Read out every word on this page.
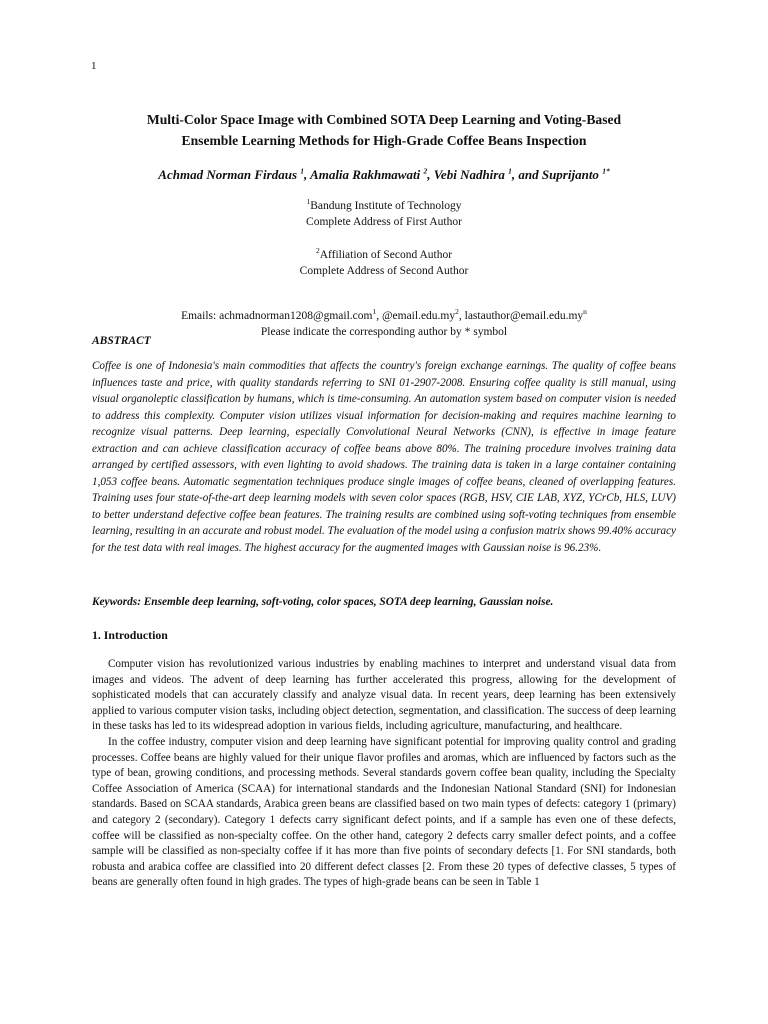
1
Multi-Color Space Image with Combined SOTA Deep Learning and Voting-Based
Ensemble Learning Methods for High-Grade Coffee Beans Inspection
Achmad Norman Firdaus $^1$, Amalia Rakhmawati $^2$, Vebi Nadhira $^1$, and Suprijanto $^{1*}$
$^1$Bandung Institute of Technology
Complete Address of First Author
$^2$Affiliation of Second Author
Complete Address of Second Author
Emails: achmadnorman1208@gmail.com$^1$, $@email.edu.my^2$, $lastauthor@email.edu.my^n$
Please indicate the corresponding author by * symbol
ABSTRACT
Coffee is one of Indonesia's main commodities that affects the country's foreign exchange earnings. The quality of coffee beans influences taste and price, with quality standards referring to SNI 01-2907-2008. Ensuring coffee quality is still manual, using visual organoleptic classification by humans, which is time-consuming. An automation system based on computer vision is needed to address this complexity. Computer vision utilizes visual information for decision-making and requires machine learning to recognize visual patterns. Deep learning, especially Convolutional Neural Networks (CNN), is effective in image feature extraction and can achieve classification accuracy of coffee beans above 80%. The training procedure involves training data arranged by certified assessors, with even lighting to avoid shadows. The training data is taken in a large container containing 1,053 coffee beans. Automatic segmentation techniques produce single images of coffee beans, cleaned of overlapping features. Training uses four state-of-the-art deep learning models with seven color spaces (RGB, HSV, CIE LAB, XYZ, YCrCb, HLS, LUV) to better understand defective coffee bean features. The training results are combined using soft-voting techniques from ensemble learning, resulting in an accurate and robust model. The evaluation of the model using a confusion matrix shows 99.40% accuracy for the test data with real images. The highest accuracy for the augmented images with Gaussian noise is 96.23%.
Keywords: Ensemble deep learning, soft-voting, color spaces, SOTA deep learning, Gaussian noise.
1. Introduction

Computer vision has revolutionized various industries by enabling machines to interpret and understand visual data from images and videos. The advent of deep learning has further accelerated this progress, allowing for the development of sophisticated models that can accurately classify and analyze visual data. In recent years, deep learning has been extensively applied to various computer vision tasks, including object detection, segmentation, and classification. The success of deep learning in these tasks has led to its widespread adoption in various fields, including agriculture, manufacturing, and healthcare.

In the coffee industry, computer vision and deep learning have significant potential for improving quality control and grading processes. Coffee beans are highly valued for their unique flavor profiles and aromas, which are influenced by factors such as the type of bean, growing conditions, and processing methods. Several standards govern coffee bean quality, including the Specialty Coffee Association of America (SCAA) for international standards and the Indonesian National Standard (SNI) for Indonesian standards. Based on SCAA standards, Arabica green beans are classified based on two main types of defects: category 1 (primary) and category 2 (secondary). Category 1 defects carry significant defect points, and if a sample has even one of these defects, coffee will be classified as non-specialty coffee. On the other hand, category 2 defects carry smaller defect points, and a coffee sample will be classified as non-specialty coffee if it has more than five points of secondary defects [1. For SNI standards, both robusta and arabica coffee are classified into 20 different defect classes [2. From these 20 types of defective classes, 5 types of beans are generally often found in high grades. The types of high-grade beans can be seen in Table 1
